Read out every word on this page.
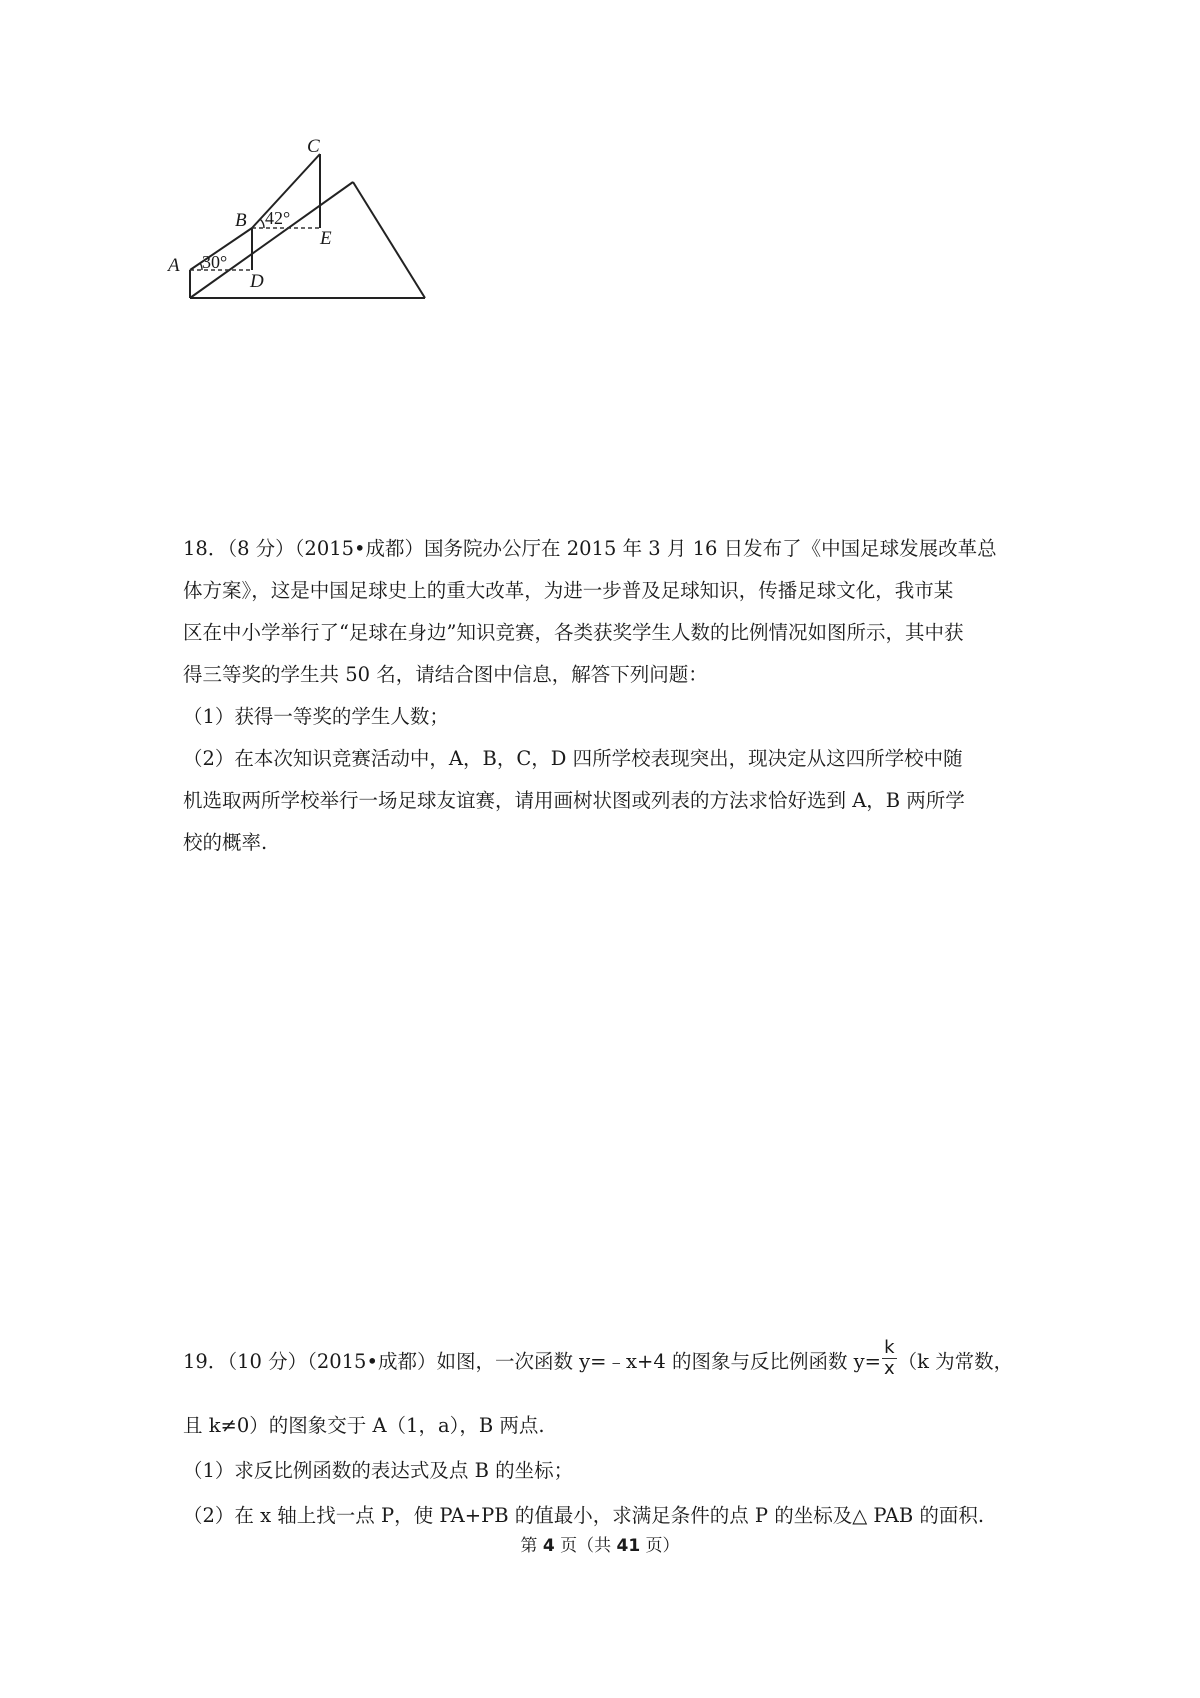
A
B
C
D
E
30°
42°
18．（8 分）（2015•成都）国务院办公厅在 2015 年 3 月 16 日发布了《中国足球发展改革总
体方案》，这是中国足球史上的重大改革，为进一步普及足球知识，传播足球文化，我市某
区在中小学举行了“足球在身边”知识竞赛，各类获奖学生人数的比例情况如图所示，其中获
得三等奖的学生共 50 名，请结合图中信息，解答下列问题：
（1）获得一等奖的学生人数；
（2）在本次知识竞赛活动中，A，B，C，D 四所学校表现突出，现决定从这四所学校中随
机选取两所学校举行一场足球友谊赛，请用画树状图或列表的方法求恰好选到 A，B 两所学
校的概率.
19．（10 分）（2015•成都）如图，一次函数 y=﹣x+4 的图象与反比例函数 $y= \frac{k}{x} (k$ 为常数，
且 k≠0）的图象交于 A（1，a），B 两点.
（1）求反比例函数的表达式及点 B 的坐标；
（2）在 x 轴上找一点 P，使 PA+PB 的值最小，求满足条件的点 P 的坐标及△ PAB 的面积.
第 4 页（共 41 页）
